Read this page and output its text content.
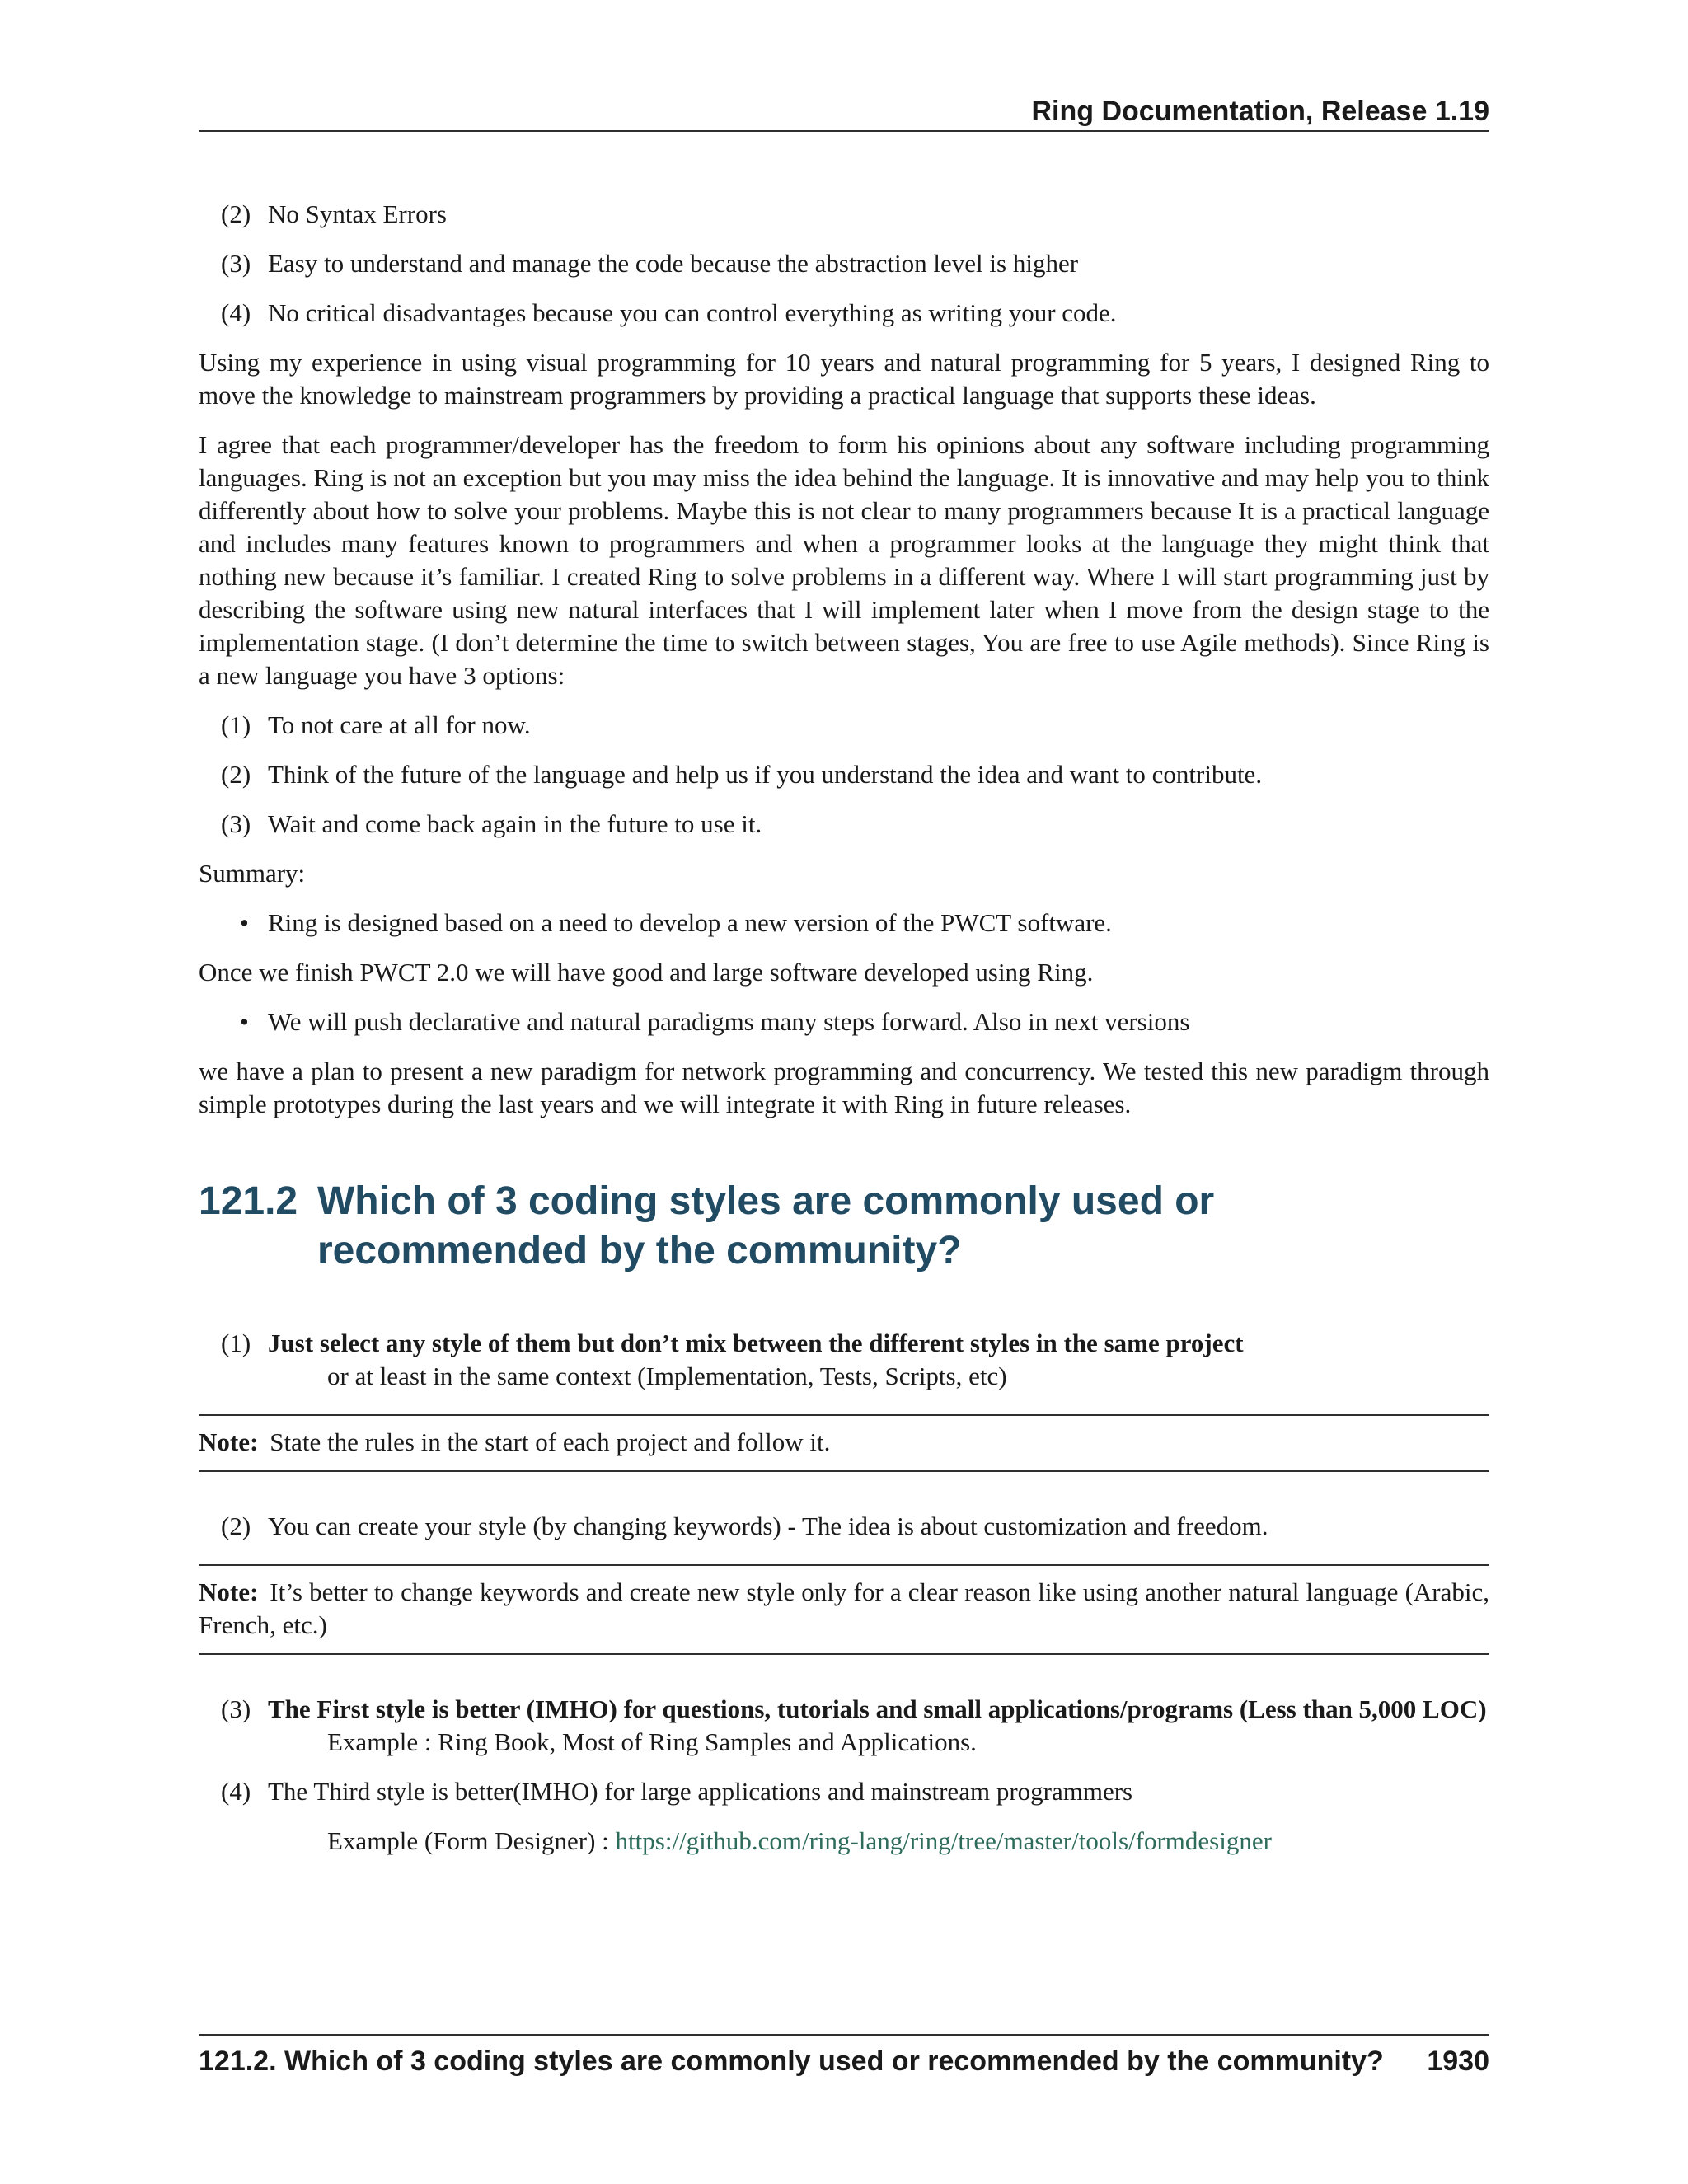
Ring Documentation, Release 1.19
(2) No Syntax Errors
(3) Easy to understand and manage the code because the abstraction level is higher
(4) No critical disadvantages because you can control everything as writing your code.

Using my experience in using visual programming for 10 years and natural programming for 5 years, I designed Ring to move the knowledge to mainstream programmers by providing a practical language that supports these ideas.

I agree that each programmer/developer has the freedom to form his opinions about any software including programming languages. Ring is not an exception but you may miss the idea behind the language. It is innovative and may help you to think differently about how to solve your problems. Maybe this is not clear to many programmers because It is a practical language and includes many features known to programmers and when a programmer looks at the language they might think that nothing new because it’s familiar. I created Ring to solve problems in a different way. Where I will start programming just by describing the software using new natural interfaces that I will implement later when I move from the design stage to the implementation stage. (I don’t determine the time to switch between stages, You are free to use Agile methods). Since Ring is a new language you have 3 options:

(1) To not care at all for now.
(2) Think of the future of the language and help us if you understand the idea and want to contribute.
(3) Wait and come back again in the future to use it.

Summary:

• Ring is designed based on a need to develop a new version of the PWCT software.

Once we finish PWCT 2.0 we will have good and large software developed using Ring.

• We will push declarative and natural paradigms many steps forward. Also in next versions

we have a plan to present a new paradigm for network programming and concurrency. We tested this new paradigm through simple prototypes during the last years and we will integrate it with Ring in future releases.

121.2 Which of 3 coding styles are commonly used or recommended by the community?
(1) Just select any style of them but don’t mix between the different styles in the same project
or at least in the same context (Implementation, Tests, Scripts, etc)
Note: State the rules in the start of each project and follow it.
(2) You can create your style (by changing keywords) - The idea is about customization and freedom.
Note: It’s better to change keywords and create new style only for a clear reason like using another natural language (Arabic, French, etc.)
(3) The First style is better (IMHO) for questions, tutorials and small applications/programs (Less than 5,000 LOC)
Example : Ring Book, Most of Ring Samples and Applications.
(4) The Third style is better(IMHO) for large applications and mainstream programmers
Example (Form Designer) : https://github.com/ring-lang/ring/tree/master/tools/formdesigner
121.2. Which of 3 coding styles are commonly used or recommended by the community? 1930
